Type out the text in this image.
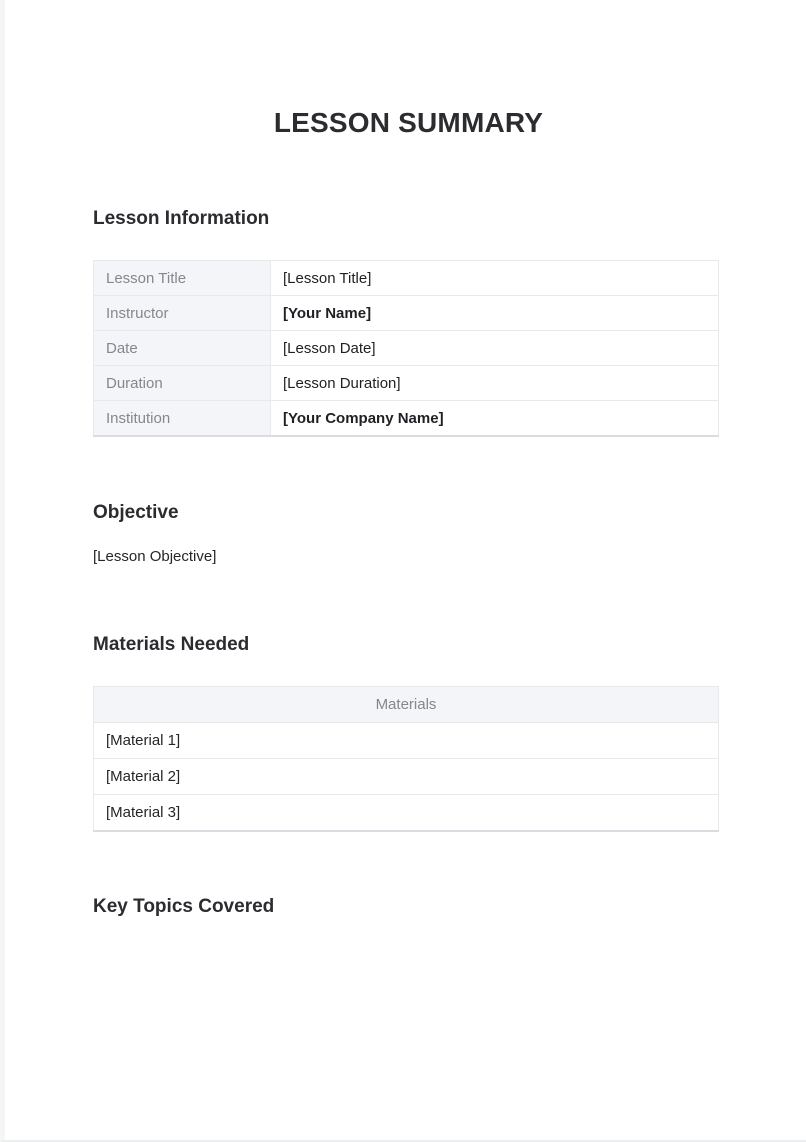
LESSON SUMMARY
Lesson Information
Lesson Title	[Lesson Title]
Instructor	[Your Name]
Date	[Lesson Date]
Duration	[Lesson Duration]
Institution	[Your Company Name]
Objective

[Lesson Objective]

Materials Needed
Materials
[Material 1]
[Material 2]
[Material 3]
Key Topics Covered
